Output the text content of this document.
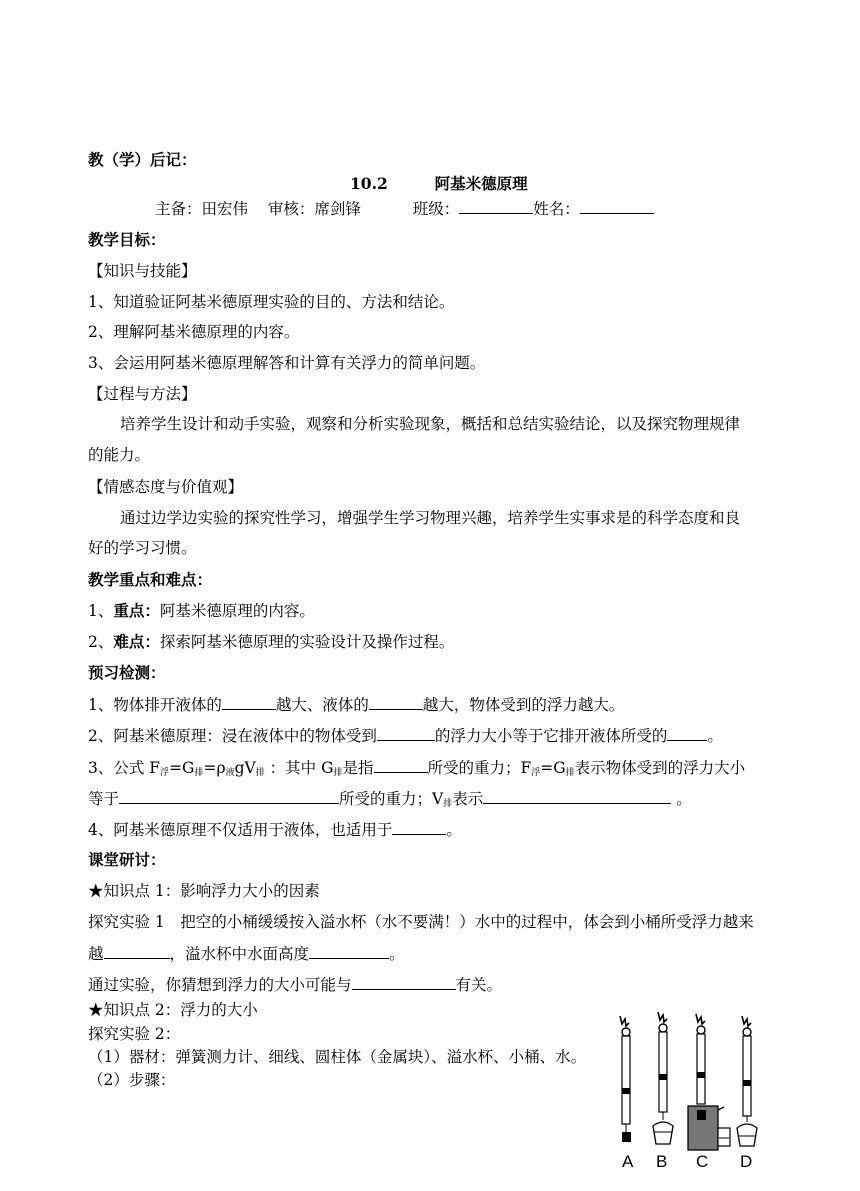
教（学）后记：
10.2	阿基米德原理
主备：田宏伟 审核：席剑锋	班级：	姓名：
教学目标：
【知识与技能】
1、知道验证阿基米德原理实验的目的、方法和结论。
2、理解阿基米德原理的内容。
3、会运用阿基米德原理解答和计算有关浮力的简单问题。
【过程与方法】
培养学生设计和动手实验，观察和分析实验现象，概括和总结实验结论，以及探究物理规律
的能力。
【情感态度与价值观】
通过边学边实验的探究性学习，增强学生学习物理兴趣，培养学生实事求是的科学态度和良
好的学习习惯。
教学重点和难点：
1、重点：阿基米德原理的内容。
2、难点：探索阿基米德原理的实验设计及操作过程。
预习检测：
1、物体排开液体的	越大、液体的	越大，物体受到的浮力越大。
2、阿基米德原理：浸在液体中的物体受到	的浮力大小等于它排开液体所受的	。
3、公式 $F_浮=G_排=\rho_液gV_排$ ：其中 $G_排$是指	所受的重力；$F_浮=G_排$表示物体受到的浮力大小
等于	所受的重力；$V_排$表示	。
4、阿基米德原理不仅适用于液体，也适用于	。
课堂研讨：
★知识点 1：影响浮力大小的因素
探究实验 1　把空的小桶缓缓按入溢水杯（水不要满！）水中的过程中，体会到小桶所受浮力越来
越	，溢水杯中水面高度	。
通过实验，你猜想到浮力的大小可能与	有关。
★知识点 2：浮力的大小
探究实验 2：
（1）器材：弹簧测力计、细线、圆柱体（金属块）、溢水杯、小桶、水。
（2）步骤：
A B C D
